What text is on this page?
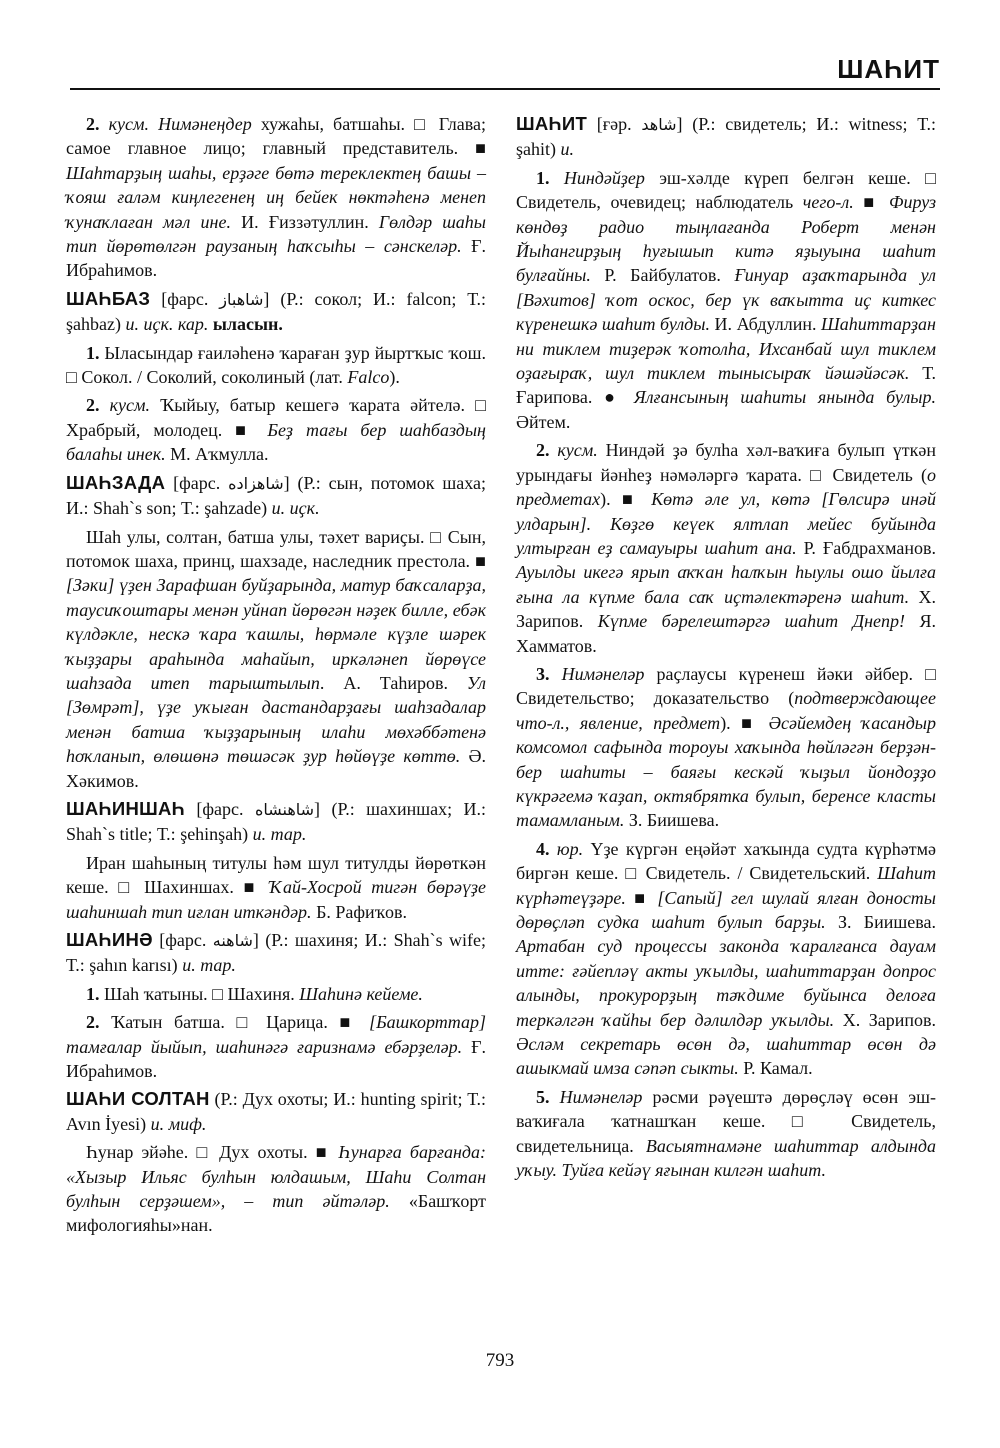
ШАҺИТ

2. кусм. Нимәнеңдер хужаһы, батшаһы. □ Глава; самое главное лицо; главный представитель. ■ Шаһтарҙың шаһы, ерҙәге бөтә тереклектең башы – ҡояш ғаләм киңлегенең иң бейек нөктәһенә менеп ҡунаҡлаған мәл ине. И. Ғиззәтуллин. Гөлдәр шаһы тип йөрөтөлгән раузаның һаҡсыһы – сәнскеләр. Ғ. Ибраһимов.

ШАҺБАЗ [фарс. شاهباز] (Р.: сокол; И.: falcon; Т.: şahbaz) и. иҫк. кар. ыласын.

1. Ыласындар ғаиләһенә ҡараған ҙур йыртҡыс ҡош. □ Сокол. / Соколий, соколиный (лат. Falco).

2. кусм. Ҡыйыу, батыр кешегә ҡарата әйтелә. □ Храбрый, молодец. ■ Беҙ тағы бер шаһбаздың балаһы инек. М. Аҡмулла.

ШАҺЗАДА [фарс. شاهزاده] (Р.: сын, потомок шаха; И.: Shah`s son; Т.: şahzade) и. иҫк.

Шаһ улы, солтан, батша улы, тәхет вариҫы. □ Сын, потомок шаха, принц, шахзаде, наследник престола. ■ [Зәки] үҙен Зарафшан буйҙарында, матур баҡсаларҙа, таусиҡоштары менән уйнап йөрөгән нәҙек билле, ебәк күлдәкле, нескә ҡара ҡашлы, һөрмәле күҙле шәрек ҡыҙҙары араһында маһайып, иркәләнеп йөрөүсе шаһзада итеп тарыштылып. А. Таһиров. Ул [Зөмрәт], үҙе уҡыған дастандарҙағы шаһзадалар менән батша ҡыҙҙарының илаһи мөхәббәтенә һоҡланып, өлөшөнә төшәсәк ҙур һөйөүҙе көттө. Ә. Хәкимов.

ШАҺИНШАҺ [фарс. شاهنشاه] (Р.: шахиншах; И.: Shah`s title; Т.: şehinşah) и. тар.

Иран шаһының титулы һәм шул титулды йөрөткән кеше. □ Шахиншах. ■ Ҡай-Хосрой тигән бөрәүҙе шаһиншаһ тип иғлан иткәндәр. Б. Рафиҡов.

ШАҺИНӘ [фарс. شاهنه] (Р.: шахиня; И.: Shah`s wife; Т.: şahın karısı) и. тар.

1. Шаһ ҡатыны. □ Шахиня. Шаһинә кейеме.

2. Ҡатын батша. □ Царица. ■ [Башкорттар] тамғалар йыйып, шаһинәгә ғаризнамә ебәрҙеләр. Ғ. Ибраһимов.

ШАҺИ СОЛТАН (Р.: Дух охоты; И.: hunting spirit; Т.: Avın İyesi) и. миф.

Һунар эйәһе. □ Дух охоты. ■ Һунарға барғанда: «Хызыр Ильяс булһын юлдашым, Шаһи Солтан булһын серҙәшем», – тип әйтәләр. «Башҡорт мифологияһы»нан.

ШАҺИТ [ғәр. شاهد] (Р.: свидетель; И.: witness; Т.: şahit) и.

1. Ниндәйҙер эш-хәлде күреп белгән кеше. □ Свидетель, очевидец; наблюдатель чего-л. ■ Фируз көндөҙ радио тыңлағанда Роберт менән Йыһангирҙың һуғышып китә яҙыуына шаһит булғайны. Р. Байбулатов. Ғинуар аҙаҡтарында ул [Вәхитов] ҡот оскос, бер үк ваҡытта иҫ киткес күренешкә шаһит булды. И. Абдуллин. Шаһиттарҙан ни тиклем тиҙерәк ҡотолһа, Ихсанбай шул тиклем оҙағыраҡ, шул тиклем тынысыраҡ йәшәйәсәк. Т. Ғарипова. ● Ялғансының шаһиты янында булыр. Әйтем.

2. кусм. Ниндәй ҙә булһа хәл-ваҡиға булып үткән урындағы йәнһеҙ нәмәләргә ҡарата. □ Свидетель (о предметах). ■ Көтә әле ул, көтә [Гөлсирә инәй улдарын]. Көҙгө кеүек ялтлап мейес буйында ултырған еҙ самауыры шаһит ана. Р. Ғабдрахманов. Ауылды икегә ярып аҡҡан һалҡын һыулы ошо йылға ғына ла күпме бала саҡ иҫтәлектәренә шаһит. Х. Зарипов. Күпме бәрелештәргә шаһит Днепр! Я. Хамматов.

3. Нимәнеләр раҫлаусы күренеш йәки әйбер. □ Свидетельство; доказательство (подтверждающее что-л., явление, предмет). ■ Әсәйемдең ҡасандыр комсомол сафында тороуы хаҡында һөйләгән берҙән-бер шаһиты – баяғы кескәй ҡыҙыл йондоҙҙо күкрәгемә ҡаҙап, октябрятка булып, беренсе класты тамамланым. З. Биишева.

4. юр. Үҙе күргән еңәйәт хаҡында судта күрһәтмә биргән кеше. □ Свидетель. / Свидетельский. Шаһит күрһәтеүҙәре. ■ [Сапый] гел шулай ялған доносты дөрөҫләп судка шаһит булып барҙы. З. Биишева. Артабан суд процессы законда ҡаралғанса дауам итте: ғәйепләү акты уҡылды, шаһиттарҙан допрос алынды, прокурорҙың тәҡдиме буйынса делоға теркәлгән ҡайһы бер дәлилдәр уҡылды. Х. Зарипов. Әсләм секретарь өсөн дә, шаһиттар өсөн дә ашыкмай имза сәпәп сыкты. Р. Камал.

5. Нимәнеләр рәсми рәүештә дөрөҫләү өсөн эш-ваҡиғала ҡатнашҡан кеше. □ Свидетель, свидетельница. Васыятнамәне шаһиттар алдында уҡыу. Туйға кейәү яғынан килгән шаһит.

793
